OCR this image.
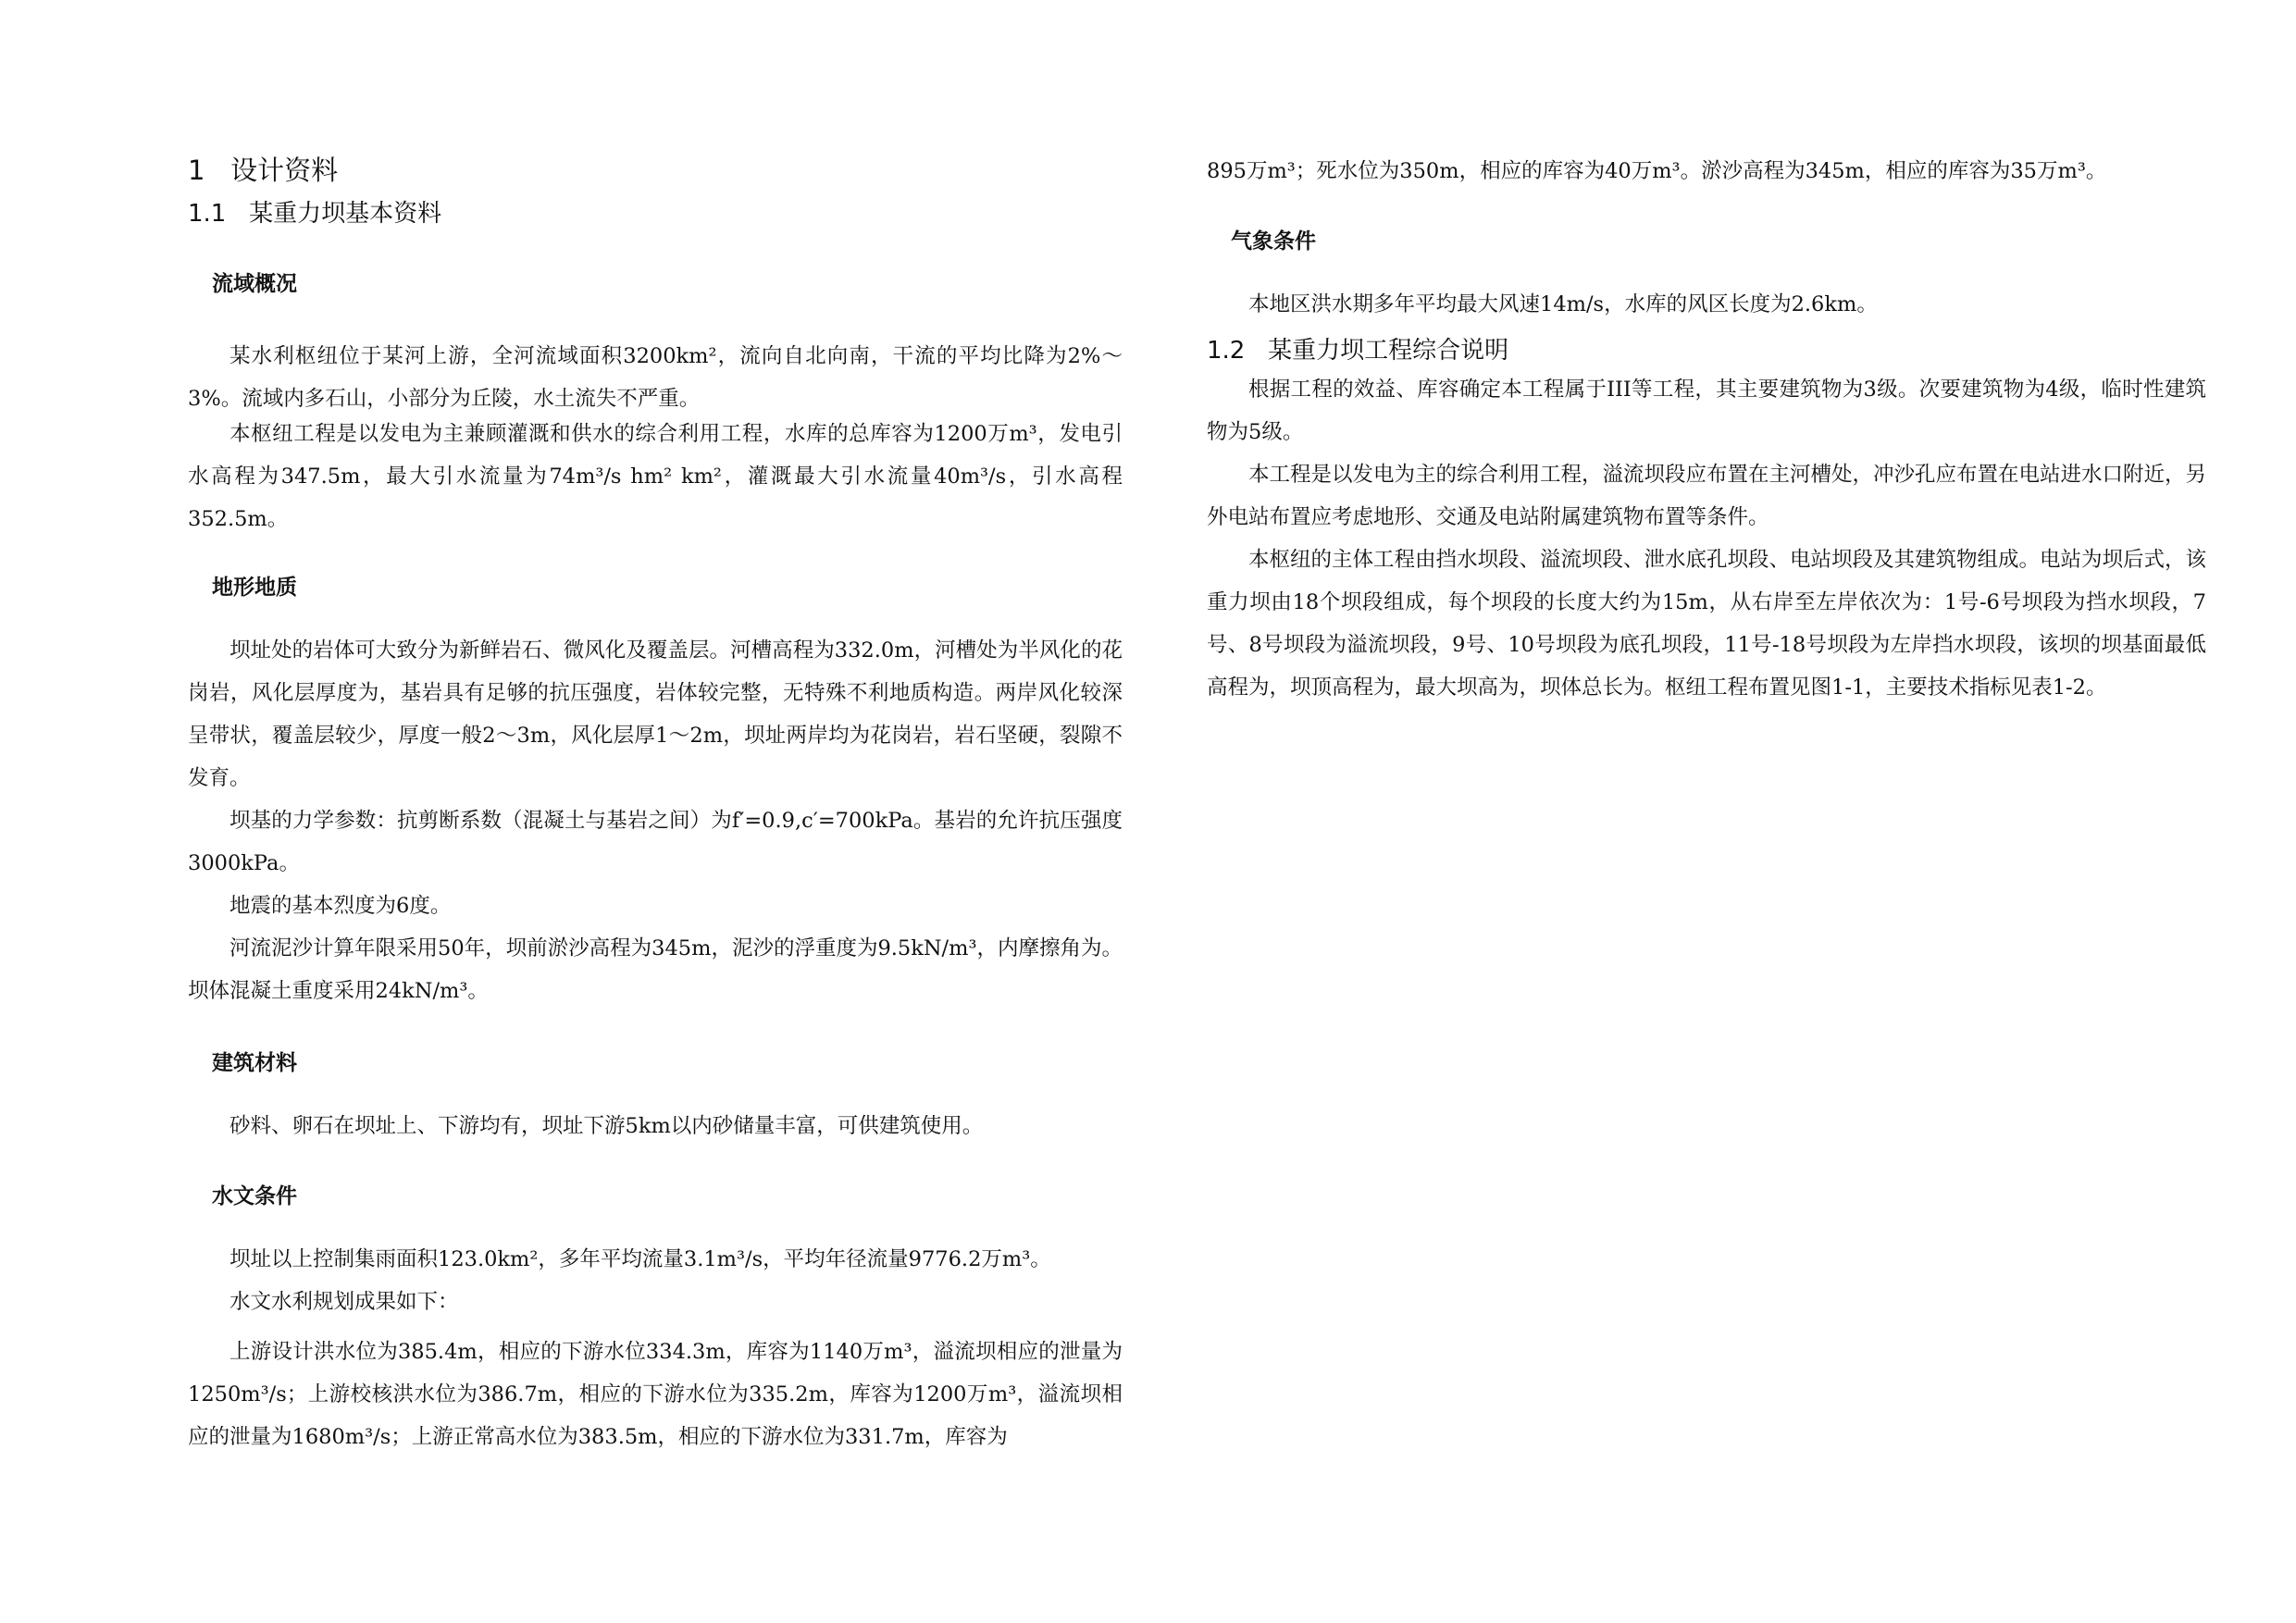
1   设计资料
1.1   某重力坝基本资料
流域概况

某水利枢纽位于某河上游，全河流域面积3200km²，流向自北向南，干流的平均比降为2%～3%。流域内多石山，小部分为丘陵，水土流失不严重。

本枢纽工程是以发电为主兼顾灌溉和供水的综合利用工程，水库的总库容为1200万m³，发电引水高程为347.5m，最大引水流量为74m³/s hm² km²，灌溉最大引水流量40m³/s，引水高程352.5m。

地形地质

坝址处的岩体可大致分为新鲜岩石、微风化及覆盖层。河槽高程为332.0m，河槽处为半风化的花岗岩，风化层厚度为，基岩具有足够的抗压强度，岩体较完整，无特殊不利地质构造。两岸风化较深呈带状，覆盖层较少，厚度一般2～3m，风化层厚1～2m，坝址两岸均为花岗岩，岩石坚硬，裂隙不发育。

坝基的力学参数：抗剪断系数（混凝土与基岩之间）为f′=0.9,c′=700kPa。基岩的允许抗压强度3000kPa。

地震的基本烈度为6度。

河流泥沙计算年限采用50年，坝前淤沙高程为345m，泥沙的浮重度为9.5kN/m³，内摩擦角为。坝体混凝土重度采用24kN/m³。

建筑材料

砂料、卵石在坝址上、下游均有，坝址下游5km以内砂储量丰富，可供建筑使用。

水文条件

坝址以上控制集雨面积123.0km²，多年平均流量3.1m³/s，平均年径流量9776.2万m³。

水文水利规划成果如下：

上游设计洪水位为385.4m，相应的下游水位334.3m，库容为1140万m³，溢流坝相应的泄量为1250m³/s；上游校核洪水位为386.7m，相应的下游水位为335.2m，库容为1200万m³，溢流坝相应的泄量为1680m³/s；上游正常高水位为383.5m，相应的下游水位为331.7m，库容为

895万m³；死水位为350m，相应的库容为40万m³。淤沙高程为345m，相应的库容为35万m³。

气象条件

本地区洪水期多年平均最大风速14m/s，水库的风区长度为2.6km。

1.2   某重力坝工程综合说明

根据工程的效益、库容确定本工程属于III等工程，其主要建筑物为3级。次要建筑物为4级，临时性建筑物为5级。

本工程是以发电为主的综合利用工程，溢流坝段应布置在主河槽处，冲沙孔应布置在电站进水口附近，另外电站布置应考虑地形、交通及电站附属建筑物布置等条件。

本枢纽的主体工程由挡水坝段、溢流坝段、泄水底孔坝段、电站坝段及其建筑物组成。电站为坝后式，该重力坝由18个坝段组成，每个坝段的长度大约为15m，从右岸至左岸依次为：1号-6号坝段为挡水坝段，7号、8号坝段为溢流坝段，9号、10号坝段为底孔坝段，11号-18号坝段为左岸挡水坝段，该坝的坝基面最低高程为，坝顶高程为，最大坝高为，坝体总长为。枢纽工程布置见图1-1，主要技术指标见表1-2。
